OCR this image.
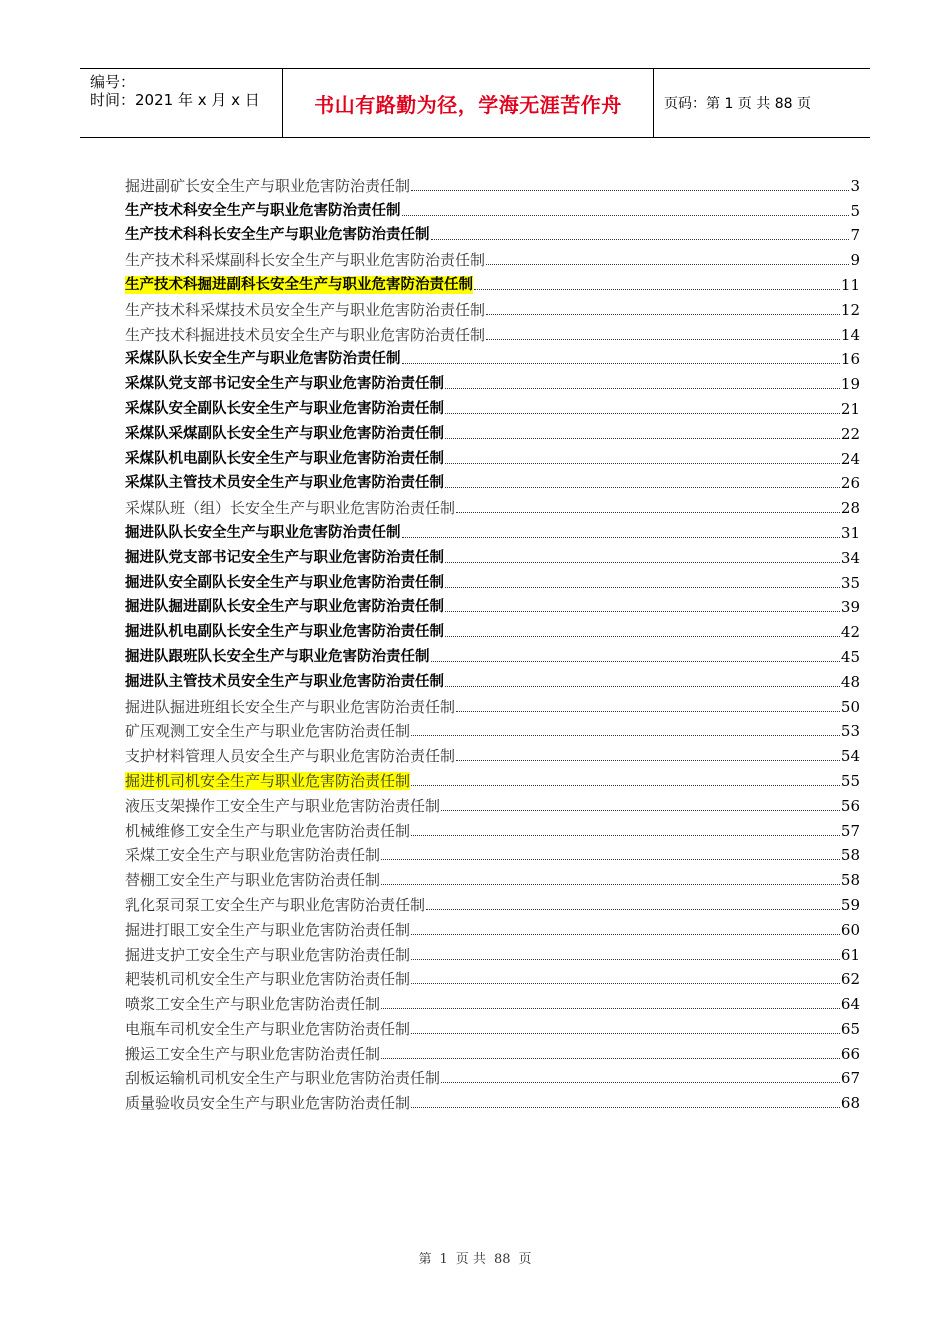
编号：
时间：2021 年 x 月 x 日	书山有路勤为径，学海无涯苦作舟	页码：第 1 页 共 88 页
掘进副矿长安全生产与职业危害防治责任制	3
生产技术科安全生产与职业危害防治责任制	5
生产技术科科长安全生产与职业危害防治责任制	7
生产技术科采煤副科长安全生产与职业危害防治责任制	9
生产技术科掘进副科长安全生产与职业危害防治责任制	11
生产技术科采煤技术员安全生产与职业危害防治责任制	12
生产技术科掘进技术员安全生产与职业危害防治责任制	14
采煤队队长安全生产与职业危害防治责任制	16
采煤队党支部书记安全生产与职业危害防治责任制	19
采煤队安全副队长安全生产与职业危害防治责任制	21
采煤队采煤副队长安全生产与职业危害防治责任制	22
采煤队机电副队长安全生产与职业危害防治责任制	24
采煤队主管技术员安全生产与职业危害防治责任制	26
采煤队班（组）长安全生产与职业危害防治责任制	28
掘进队队长安全生产与职业危害防治责任制	31
掘进队党支部书记安全生产与职业危害防治责任制	34
掘进队安全副队长安全生产与职业危害防治责任制	35
掘进队掘进副队长安全生产与职业危害防治责任制	39
掘进队机电副队长安全生产与职业危害防治责任制	42
掘进队跟班队长安全生产与职业危害防治责任制	45
掘进队主管技术员安全生产与职业危害防治责任制	48
掘进队掘进班组长安全生产与职业危害防治责任制	50
矿压观测工安全生产与职业危害防治责任制	53
支护材料管理人员安全生产与职业危害防治责任制	54
掘进机司机安全生产与职业危害防治责任制	55
液压支架操作工安全生产与职业危害防治责任制	56
机械维修工安全生产与职业危害防治责任制	57
采煤工安全生产与职业危害防治责任制	58
替棚工安全生产与职业危害防治责任制	58
乳化泵司泵工安全生产与职业危害防治责任制	59
掘进打眼工安全生产与职业危害防治责任制	60
掘进支护工安全生产与职业危害防治责任制	61
耙装机司机安全生产与职业危害防治责任制	62
喷浆工安全生产与职业危害防治责任制	64
电瓶车司机安全生产与职业危害防治责任制	65
搬运工安全生产与职业危害防治责任制	66
刮板运输机司机安全生产与职业危害防治责任制	67
质量验收员安全生产与职业危害防治责任制	68
第 1 页 共 88 页
